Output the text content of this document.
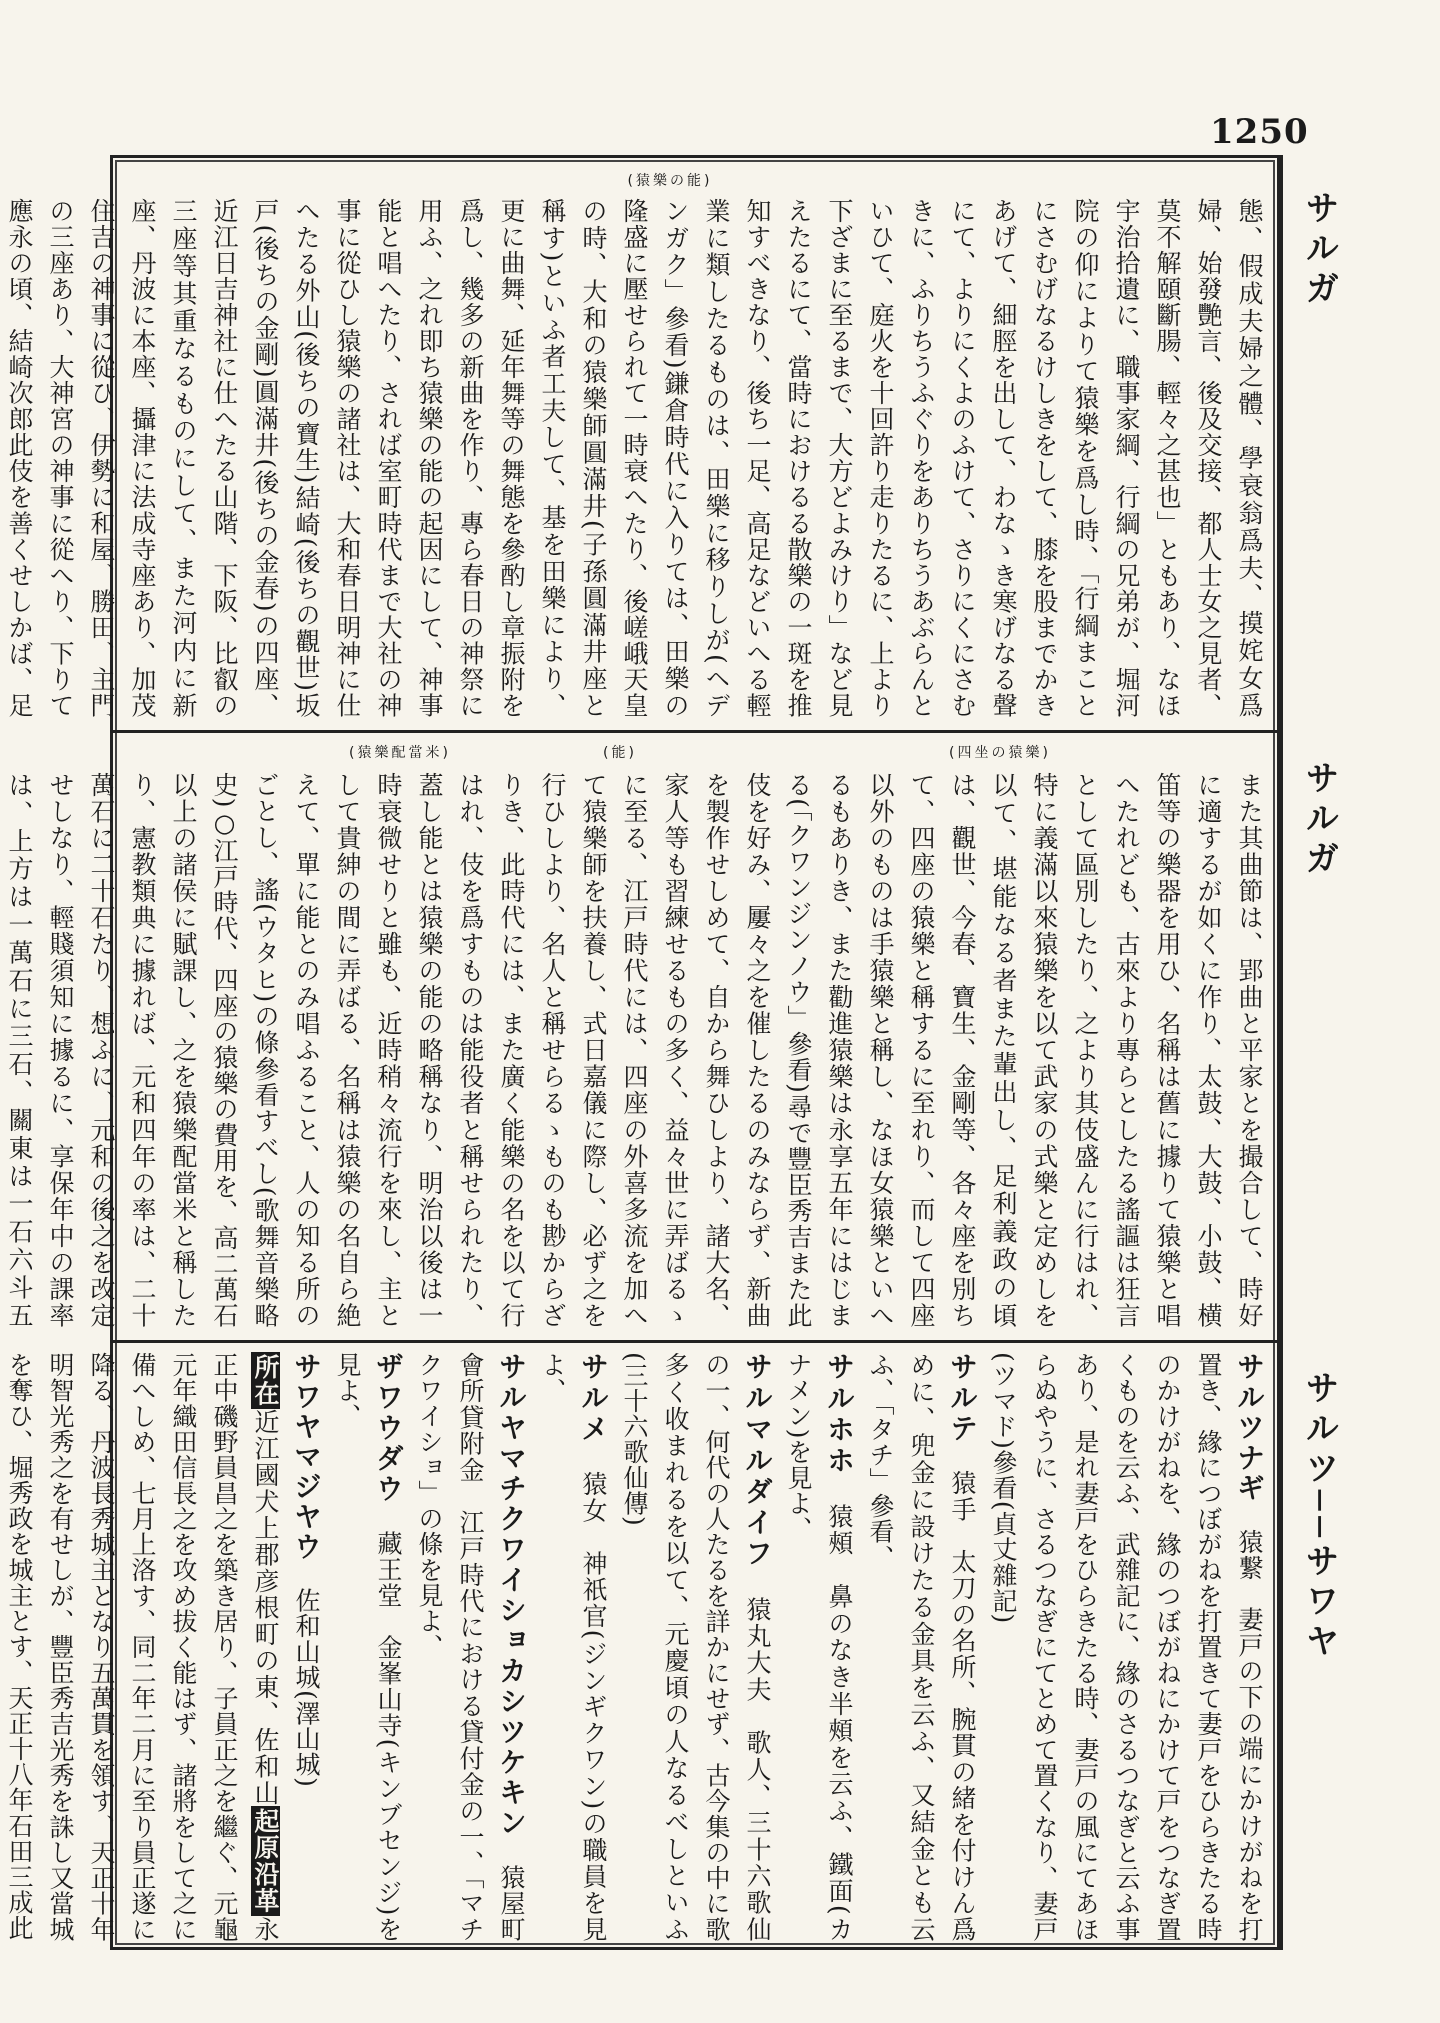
1250
サルガ
サルガ
サルツ──サワヤ
(猿樂の能)
態、假成夫婦之體、學衰翁爲夫、摸姹女爲婦、始發艷言、後及交接、都人士女之見者、莫不解頤斷腸、輕々之甚也」ともあり、なほ宇治拾遺に、職事家綱、行綱の兄弟が、堀河院の仰によりて猿樂を爲し時、「行綱まことにさむげなるけしきをして、膝を股までかきあげて、細脛を出して、わなゝき寒げなる聲にて、よりにくよのふけて、さりにくにさむきに、ふりちうふぐりをありちうあぶらんといひて、庭火を十回許り走りたるに、上より下ざまに至るまで、大方どよみけり」など見えたるにて、當時におけるる散樂の一斑を推知すべきなり、後ち一足、高足などいへる輕業に類したるものは、田樂に移りしが(ヘデンガク」參看)鎌倉時代に入りては、田樂の隆盛に壓せられて一時衰へたり、後嵯峨天皇の時、大和の猿樂師圓滿井(子孫圓滿井座と稱す)といふ者工夫して、基を田樂により、更に曲舞、延年舞等の舞態を參酌し章振附を爲し、幾多の新曲を作り、專ら春日の神祭に用ふ、之れ即ち猿樂の能の起因にして、神事能と唱へたり、されば室町時代まで大社の神事に從ひし猿樂の諸社は、大和春日明神に仕へたる外山(後ちの寶生)結崎(後ちの觀世)坂戸(後ちの金剛)圓滿井(後ちの金春)の四座、近江日吉神社に仕へたる山階、下阪、比叡の三座等其重なるものにして、また河内に新座、丹波に本座、攝津に法成寺座あり、加茂住吉の神事に從ひ、伊勢に和屋、勝田、主門の三座あり、大神宮の神事に從へり、下りて應永の頃、結崎次郎此伎を善くせしかば、足
(四坐の猿樂)
(能)
(猿樂配當米)
また其曲節は、郢曲と平家とを撮合して、時好に適するが如くに作り、太鼓、大鼓、小鼓、横笛等の樂器を用ひ、名稱は舊に據りて猿樂と唱へたれども、古來より專らとしたる謠謳は狂言として區別したり、之より其伎盛んに行はれ、特に義滿以來猿樂を以て武家の式樂と定めしを以て、堪能なる者また輩出し、足利義政の頃は、觀世、今春、寶生、金剛等、各々座を別ちて、四座の猿樂と稱するに至れり、而して四座以外のものは手猿樂と稱し、なほ女猿樂といへるもありき、また勸進猿樂は永享五年にはじまる(「クワンジンノウ」參看)尋で豐臣秀吉また此伎を好み、屢々之を催したるのみならず、新曲を製作せしめて、自から舞ひしより、諸大名、家人等も習練せるもの多く、益々世に弄ばるゝに至る、江戸時代には、四座の外喜多流を加へて猿樂師を扶養し、式日嘉儀に際し、必ず之を行ひしより、名人と稱せらるゝものも尠からざりき、此時代には、また廣く能樂の名を以て行はれ、伎を爲すものは能役者と稱せられたり、蓋し能とは猿樂の能の略稱なり、明治以後は一時衰微せりと雖も、近時稍々流行を來し、主として貴紳の間に弄ばる、名稱は猿樂の名自ら絶えて、單に能とのみ唱ふること、人の知る所のごとし、謠(ウタヒ)の條參看すべし(歌舞音樂略史)○江戸時代、四座の猿樂の費用を、高二萬石以上の諸侯に賦課し、之を猿樂配當米と稱したり、憲教類典に據れば、元和四年の率は、二十萬石に二十石たり、想ふに、元和の後之を改定せしなり、輕賤須知に據るに、享保年中の課率は、上方は一萬石に三石、關東は一石六斗五
サルツナギ　猿繋　妻戸の下の端にかけがねを打置き、緣につぼがねを打置きて妻戸をひらきたる時のかけがねを、緣のつぼがねにかけて戸をつなぎ置くものを云ふ、武雜記に、緣のさるつなぎと云ふ事あり、是れ妻戸をひらきたる時、妻戸の風にてあほらぬやうに、さるつなぎにてとめて置くなり、妻戸(ツマド)參看(貞丈雜記)
サルテ　猿手　太刀の名所、腕貫の緒を付けん爲めに、兜金に設けたる金具を云ふ、又結金とも云ふ、「タチ」參看、
サルホホ　猿頰　鼻のなき半頰を云ふ、鐵面(カナメン)を見よ、
サルマルダイフ　猿丸大夫　歌人、三十六歌仙の一、何代の人たるを詳かにせず、古今集の中に歌多く收まれるを以て、元慶頃の人なるべしといふ(三十六歌仙傳)
サルメ　猿女　神祇官(ジンギクワン)の職員を見よ、
サルヤマチクワイショカシツケキン　猿屋町會所貸附金　江戸時代における貸付金の一、「マチクワイショ」の條を見よ、
ザワウダウ　藏王堂　金峯山寺(キンブセンジ)を見よ、
サワヤマジヤウ　佐和山城(澤山城)
所在近江國犬上郡彦根町の東、佐和山起原沿革永正中磯野員昌之を築き居り、子員正之を繼ぐ、元龜元年織田信長之を攻め拔く能はず、諸將をして之に備へしめ、七月上洛す、同二年二月に至り員正遂に降る、丹波長秀城主となり五萬貫を領す、天正十年明智光秀之を有せしが、豐臣秀吉光秀を誅し又當城を奪ひ、堀秀政を城主とす、天正十八年石田三成此
